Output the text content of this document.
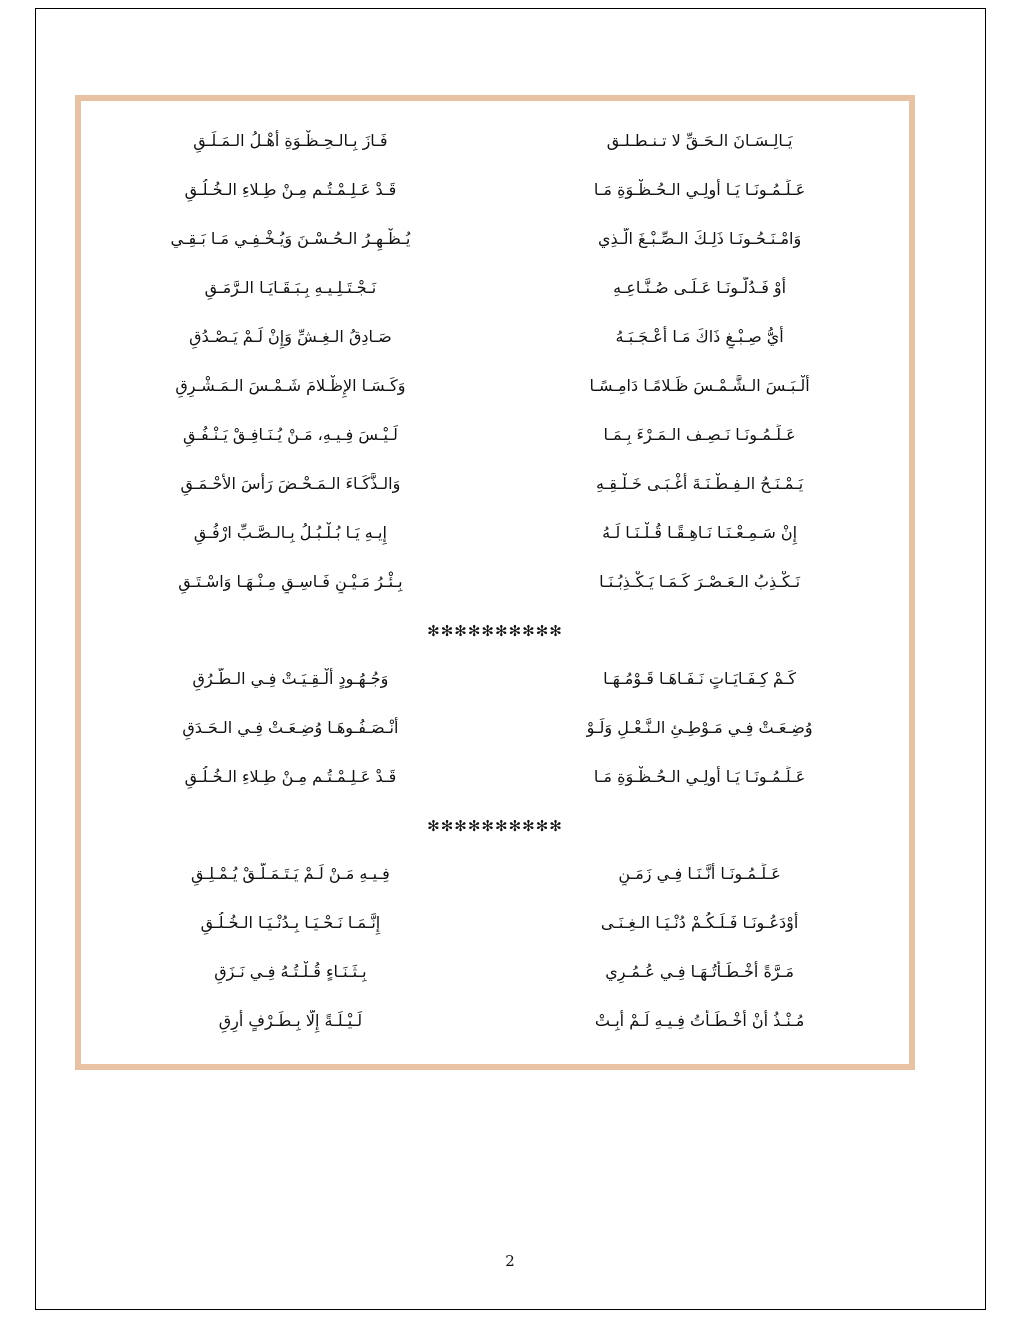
يَـالِـسَـانَ الـحَـقِّ لا تـنـطـلـق
فَـازَ بِـالـحِـظْـوَةِ أهْـلُ الـمَـلَـقِ
عَـلِّـمُـونَـا يَـا أُولِـي الـحُـظْـوَةِ مَـا
قَـدْ عَـلِـمْـتُـم مِـنْ طِـلاءِ الـخُـلُـقِ
وَامْـنَـحُـونَـا ذَلِـكَ الـصِّـبْـغَ الَّـذِي
يُـظْـهِـرُ الـحُـسْـنَ وَيُـخْـفِـي مَـا بَـقِـي
أَوْ فَـدُلُّـونَـا عَـلَـى صُـنَّـاعِـهِ
نَـجْـتَـلِـيـهِ بِـبَـقَـايَـا الـرَّمَـقِ
أَيُّ صِـبْـغٍ ذَاكَ مَـا أَعْـجَـبَـهُ
صَـادِقُ الـغِـشِّ وَإِنْ لَـمْ يَـصْـدُقِ
أَلْـبَـسَ الـشَّـمْـسَ ظَـلامًـا دَامِـسًـا
وَكَـسَـا الإِظْـلامَ شَـمْـسَ الـمَـشْـرِقِ
عَـلِّـمُـونَـا نَـصِـف الـمَـرْءَ بِـمَـا
لَـيْـسَ فِـيـهِ، مَـنْ يُـنَـافِـقْ يَـنْـفُـقِ
يَـمْـنَـحُ الـفِـطْـنَـةَ أَغْـبَـى خَـلْـقِـهِ
وَالـذَّكَـاءَ الـمَـحْـضَ رَأْسَ الأَحْـمَـقِ
إِنْ سَـمِـعْـنَـا نَـاهِـقًـا قُـلْـنَـا لَـهُ
إِيـهِ يَـا بُـلْـبُـلُ بِـالـصَّـبِّ ارْفُـقِ
نَـكْـذِبُ الـعَـصْـرَ كَـمَـا يَـكْـذِبُـنَـا
بِـئْـرُ مَـيْـنٍ فَـاسِـقٍ مِـنْـهَـا وَاسْـتَـقِ
✻✻✻✻✻✻✻✻✻✻
كَـمْ كِـفَـايَـاتٍ نَـفَـاهَـا قَـوْمُـهَـا
وَجُـهُـودٍ أُلْـقِـيَـتْ فِـي الـطُّـرُقِ
وُضِـعَـتْ فِـي مَـوْطِـئِ الـنَّـعْـلِ وَلَـوْ
أَنْـصَـفُـوهَـا وُضِـعَـتْ فِـي الـحَـدَقِ
عَـلِّـمُـونَـا يَـا أُولِـي الـحُـظْـوَةِ مَـا
قَـدْ عَـلِـمْـتُـم مِـنْ طِـلاءِ الـخُـلُـقِ
✻✻✻✻✻✻✻✻✻✻
عَـلِّـمُـونَـا أَنَّـنَـا فِـي زَمَـنٍ
فِـيـهِ مَـنْ لَـمْ يَـتَـمَـلَّـقْ يُـمْـلِـقِ
أَوْدَعُـونَـا فَـلَـكُـمْ دُنْـيَـا الـغِـنَـى
إِنَّـمَـا نَـحْـيَـا بِـدُنْـيَـا الـخُـلُـقِ
مَـرَّةً أَخْـطَـأْتُـهَـا فِـي عُـمُـرِي
بِـثَـنَـاءٍ قُـلْـتُـهُ فِـي نَـزَقِ
مُـنْـذُ أَنْ أَخْـطَـأْتُ فِـيـهِ لَـمْ أَبِـتْ
لَـيْـلَـةً إِلَّا بِـطَـرْفٍ أَرِقِ
2
